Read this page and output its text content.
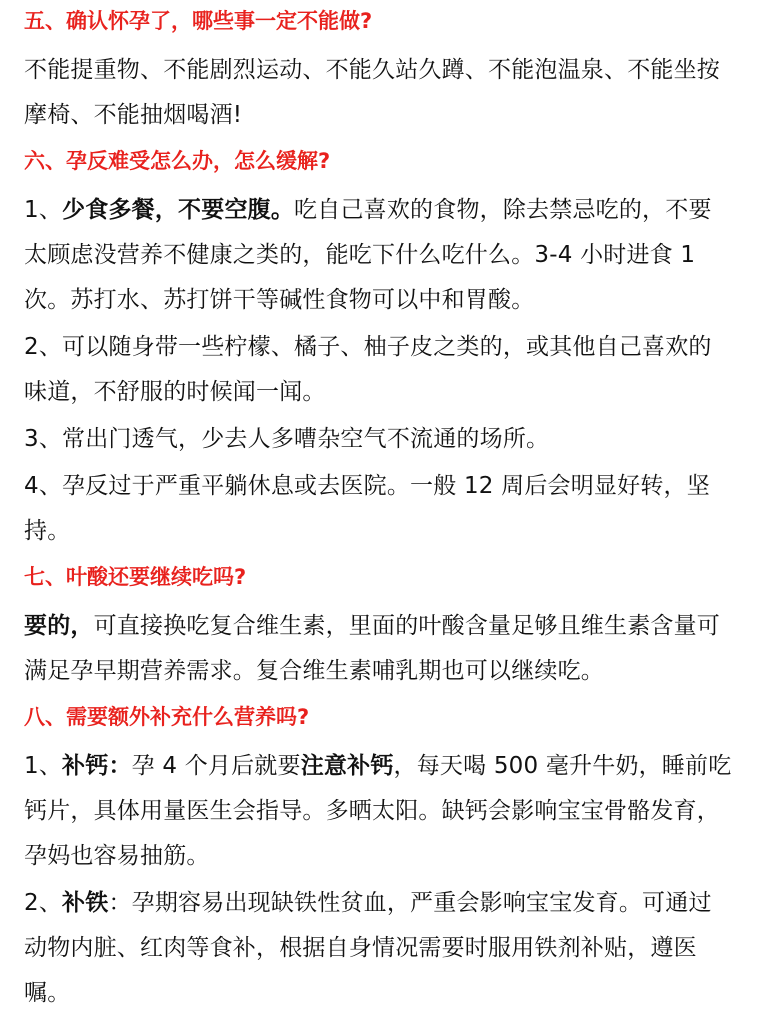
五、确认怀孕了，哪些事一定不能做?
不能提重物、不能剧烈运动、不能久站久蹲、不能泡温泉、不能坐按摩椅、不能抽烟喝酒!
六、孕反难受怎么办，怎么缓解?
1、少食多餐，不要空腹。吃自己喜欢的食物，除去禁忌吃的，不要太顾虑没营养不健康之类的，能吃下什么吃什么。3-4 小时进食 1 次。苏打水、苏打饼干等碱性食物可以中和胃酸。
2、可以随身带一些柠檬、橘子、柚子皮之类的，或其他自己喜欢的味道，不舒服的时候闻一闻。
3、常出门透气，少去人多嘈杂空气不流通的场所。
4、孕反过于严重平躺休息或去医院。一般 12 周后会明显好转，坚持。
七、叶酸还要继续吃吗?
要的，可直接换吃复合维生素，里面的叶酸含量足够且维生素含量可满足孕早期营养需求。复合维生素哺乳期也可以继续吃。
八、需要额外补充什么营养吗?
1、补钙：孕 4 个月后就要注意补钙，每天喝 500 毫升牛奶，睡前吃钙片，具体用量医生会指导。多晒太阳。缺钙会影响宝宝骨骼发育，孕妈也容易抽筋。
2、补铁：孕期容易出现缺铁性贫血，严重会影响宝宝发育。可通过动物内脏、红肉等食补，根据自身情况需要时服用铁剂补贴，遵医嘱。
